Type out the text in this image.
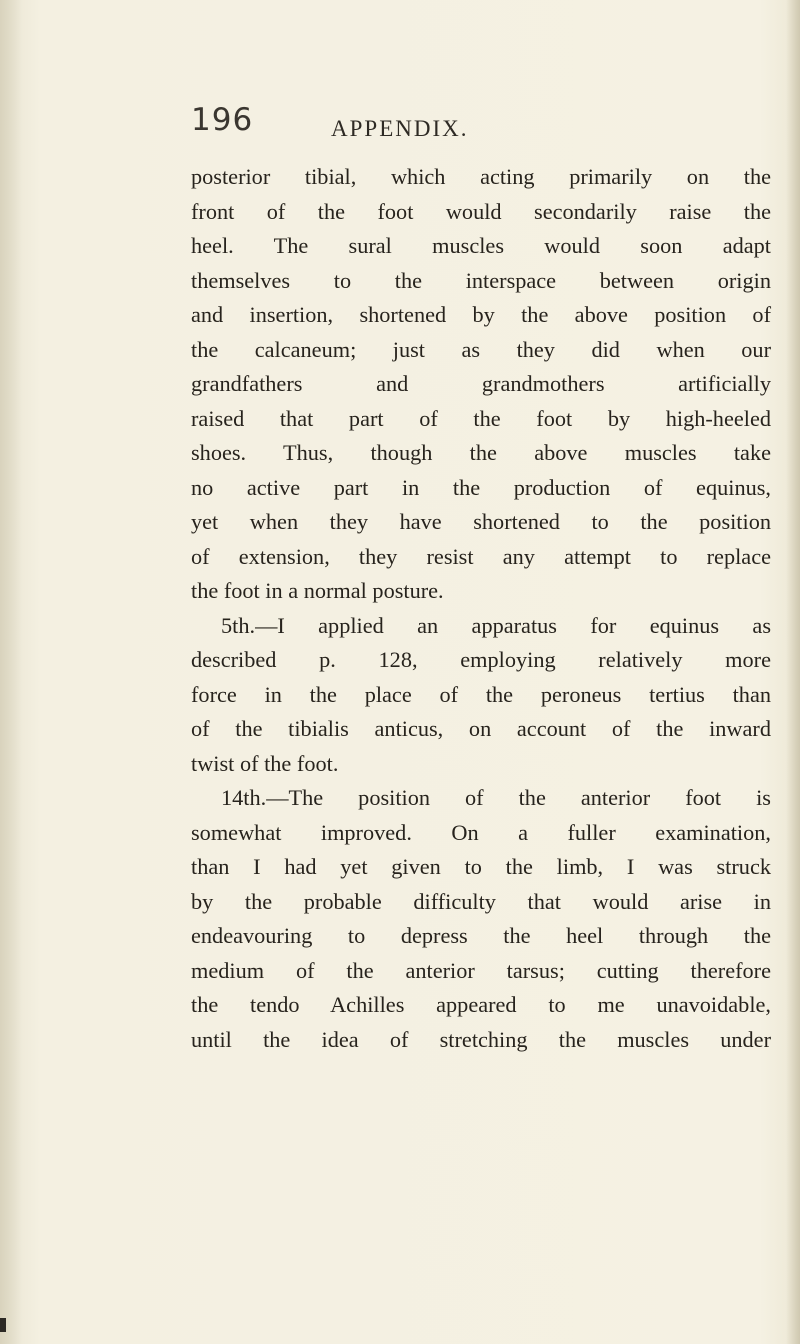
196	APPENDIX.
posterior tibial, which acting primarily on the
front of the foot would secondarily raise the
heel. The sural muscles would soon adapt
themselves to the interspace between origin
and insertion, shortened by the above position of
the calcaneum; just as they did when our
grandfathers and grandmothers artificially
raised that part of the foot by high-heeled
shoes. Thus, though the above muscles take
no active part in the production of equinus,
yet when they have shortened to the position
of extension, they resist any attempt to replace
the foot in a normal posture.
5th.—I applied an apparatus for equinus as
described p. 128, employing relatively more
force in the place of the peroneus tertius than
of the tibialis anticus, on account of the inward
twist of the foot.
14th.—The position of the anterior foot is
somewhat improved. On a fuller examination,
than I had yet given to the limb, I was struck
by the probable difficulty that would arise in
endeavouring to depress the heel through the
medium of the anterior tarsus; cutting therefore
the tendo Achilles appeared to me unavoidable,
until the idea of stretching the muscles under
